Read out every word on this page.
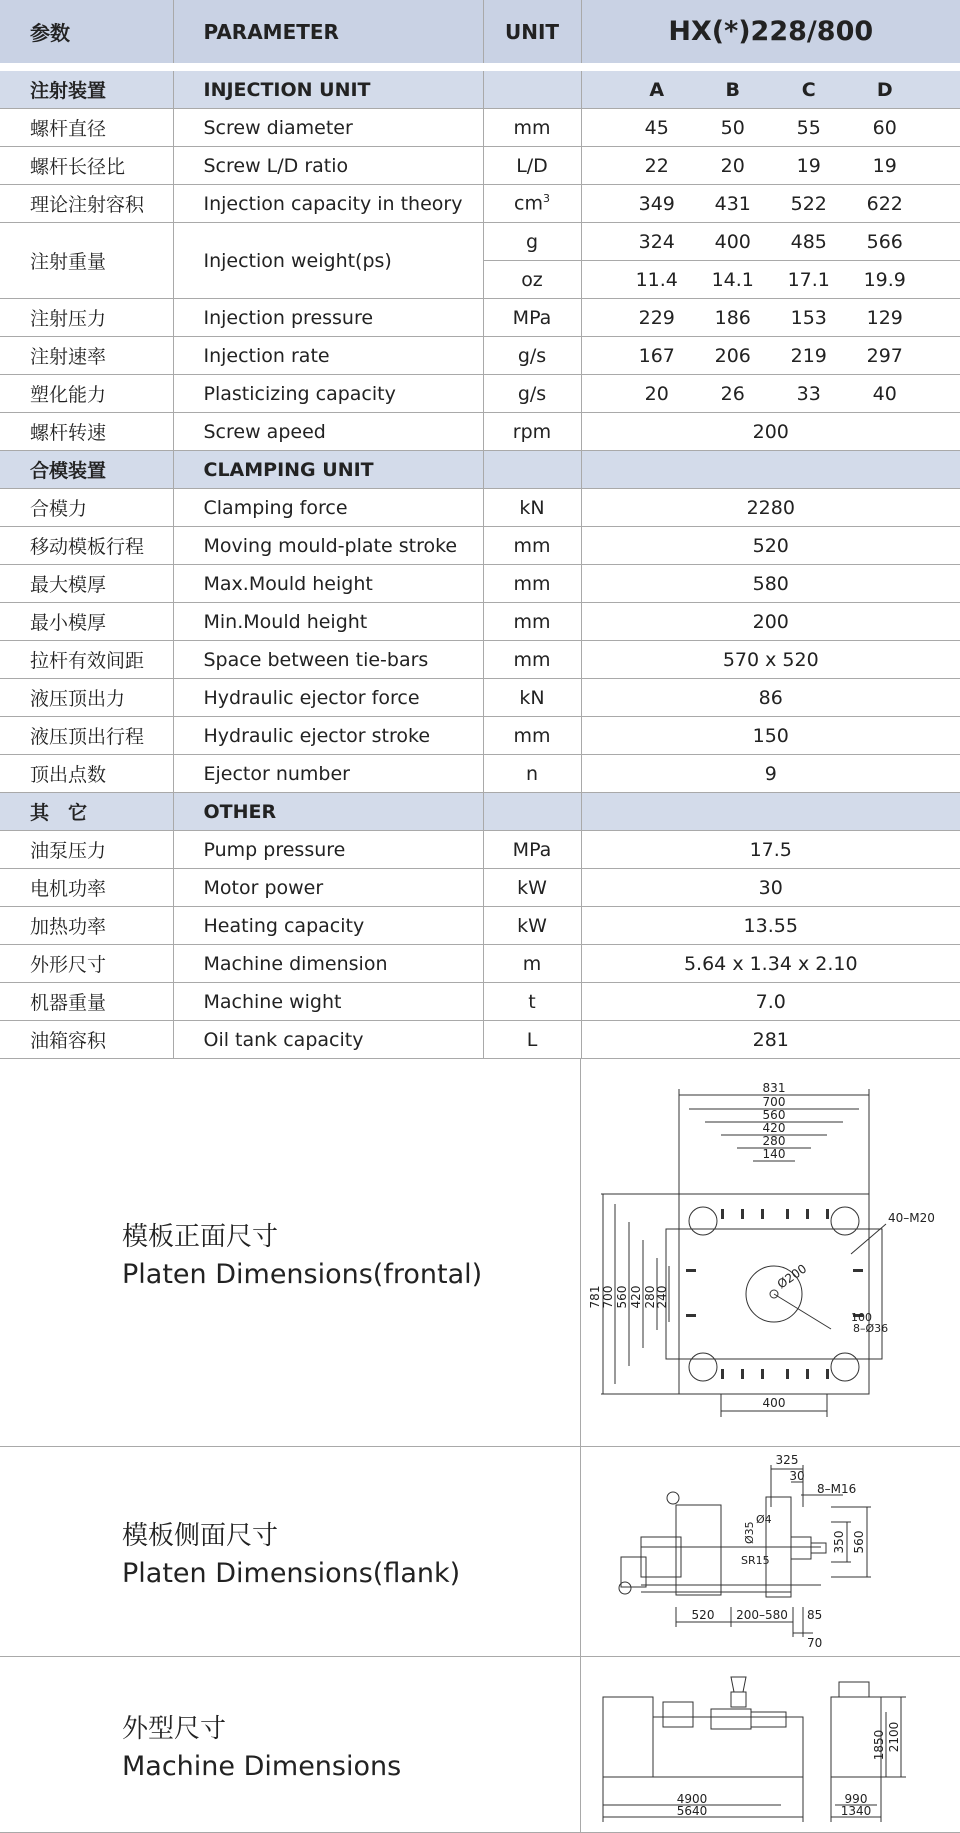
参数	PARAMETER	UNIT	HX(*)228/800
注射装置	INJECTION UNIT		A B C D

螺杆直径	Screw diameter	mm	45 50 55 60

螺杆长径比	Screw L/D ratio	L/D	22 20 19 19

理论注射容积	Injection capacity in theory	$cm^3$	349 431 522 622

注射重量	Injection weight(ps)	g	324 400 485 566

		oz	11.4 14.1 17.1 19.9

注射压力	Injection pressure	MPa	229 186 153 129

注射速率	Injection rate	g/s	167 206 219 297

塑化能力	Plasticizing capacity	g/s	20 26 33 40

螺杆转速	Screw apeed	rpm	200
合模装置	CLAMPING UNIT		
合模力	Clamping force	kN	2280
移动模板行程	Moving mould-plate stroke	mm	520
最大模厚	Max.Mould height	mm	580
最小模厚	Min.Mould height	mm	200
拉杆有效间距	Space between tie-bars	mm	570 x 520
液压顶出力	Hydraulic ejector force	kN	86
液压顶出行程	Hydraulic ejector stroke	mm	150
顶出点数	Ejector number	n	9
其　它	OTHER		
油泵压力	Pump pressure	MPa	17.5
电机功率	Motor power	kW	30
加热功率	Heating capacity	kW	13.55
外形尺寸	Machine dimension	m	5.64 x 1.34 x 2.10
机器重量	Machine wight	t	7.0
油箱容积	Oil tank capacity	L	281
模板正面尺寸
Platen Dimensions(frontal)
831
700
560
420
280
140
781 700 560 420 280
240
400
40–M20
Ø200
100
8–Ø36
模板侧面尺寸
Platen Dimensions(flank)
325
30
8–M16
Ø4
Ø35
SR15
350 560
520 200–580 85
70
外型尺寸
Machine Dimensions
4900
5640
990
1340
1850 2100
